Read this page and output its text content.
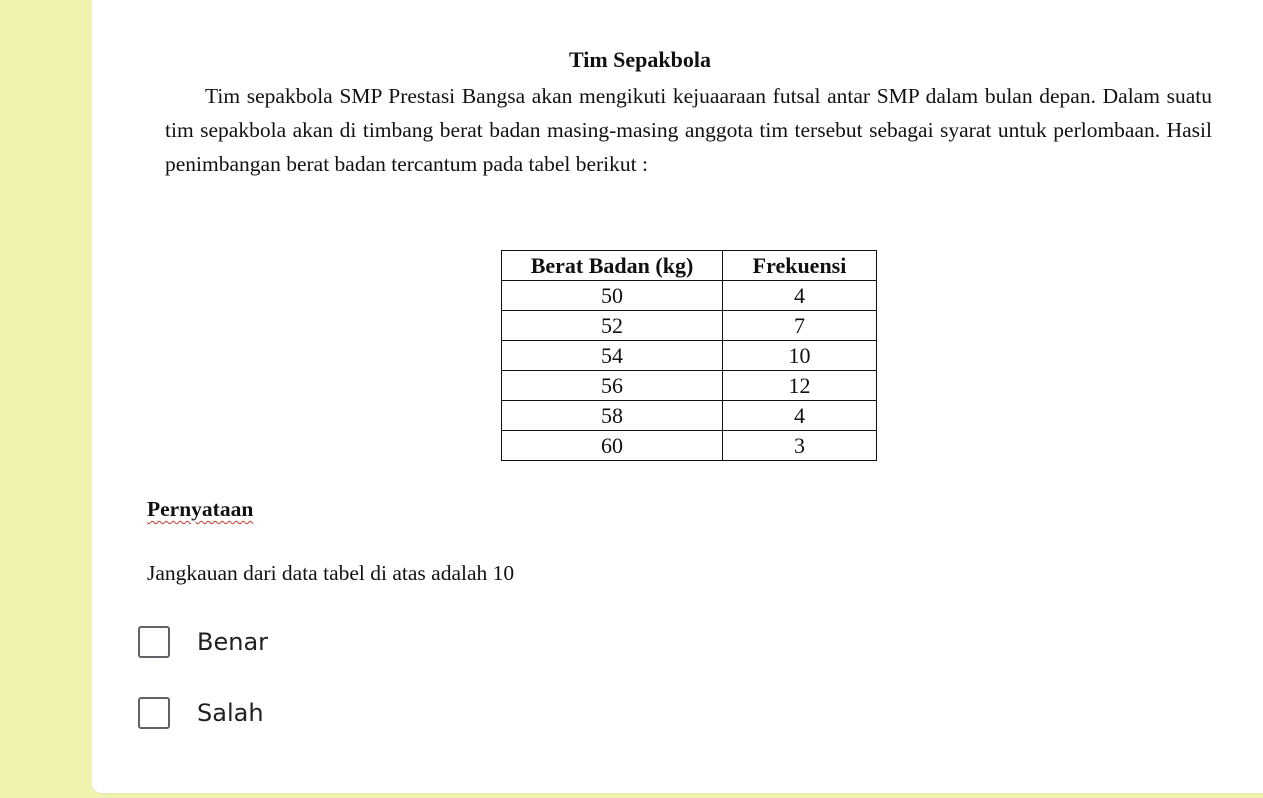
Tim Sepakbola

Tim sepakbola SMP Prestasi Bangsa akan mengikuti kejuaaraan futsal antar SMP dalam bulan depan. Dalam suatu tim sepakbola akan di timbang berat badan masing-masing anggota tim tersebut sebagai syarat untuk perlombaan. Hasil penimbangan berat badan tercantum pada tabel berikut :

Berat Badan (kg)	Frekuensi
50	4
52	7
54	10
56	12
58	4
60	3

Pernyataan

Jangkauan dari data tabel di atas adalah 10

Benar
Salah
